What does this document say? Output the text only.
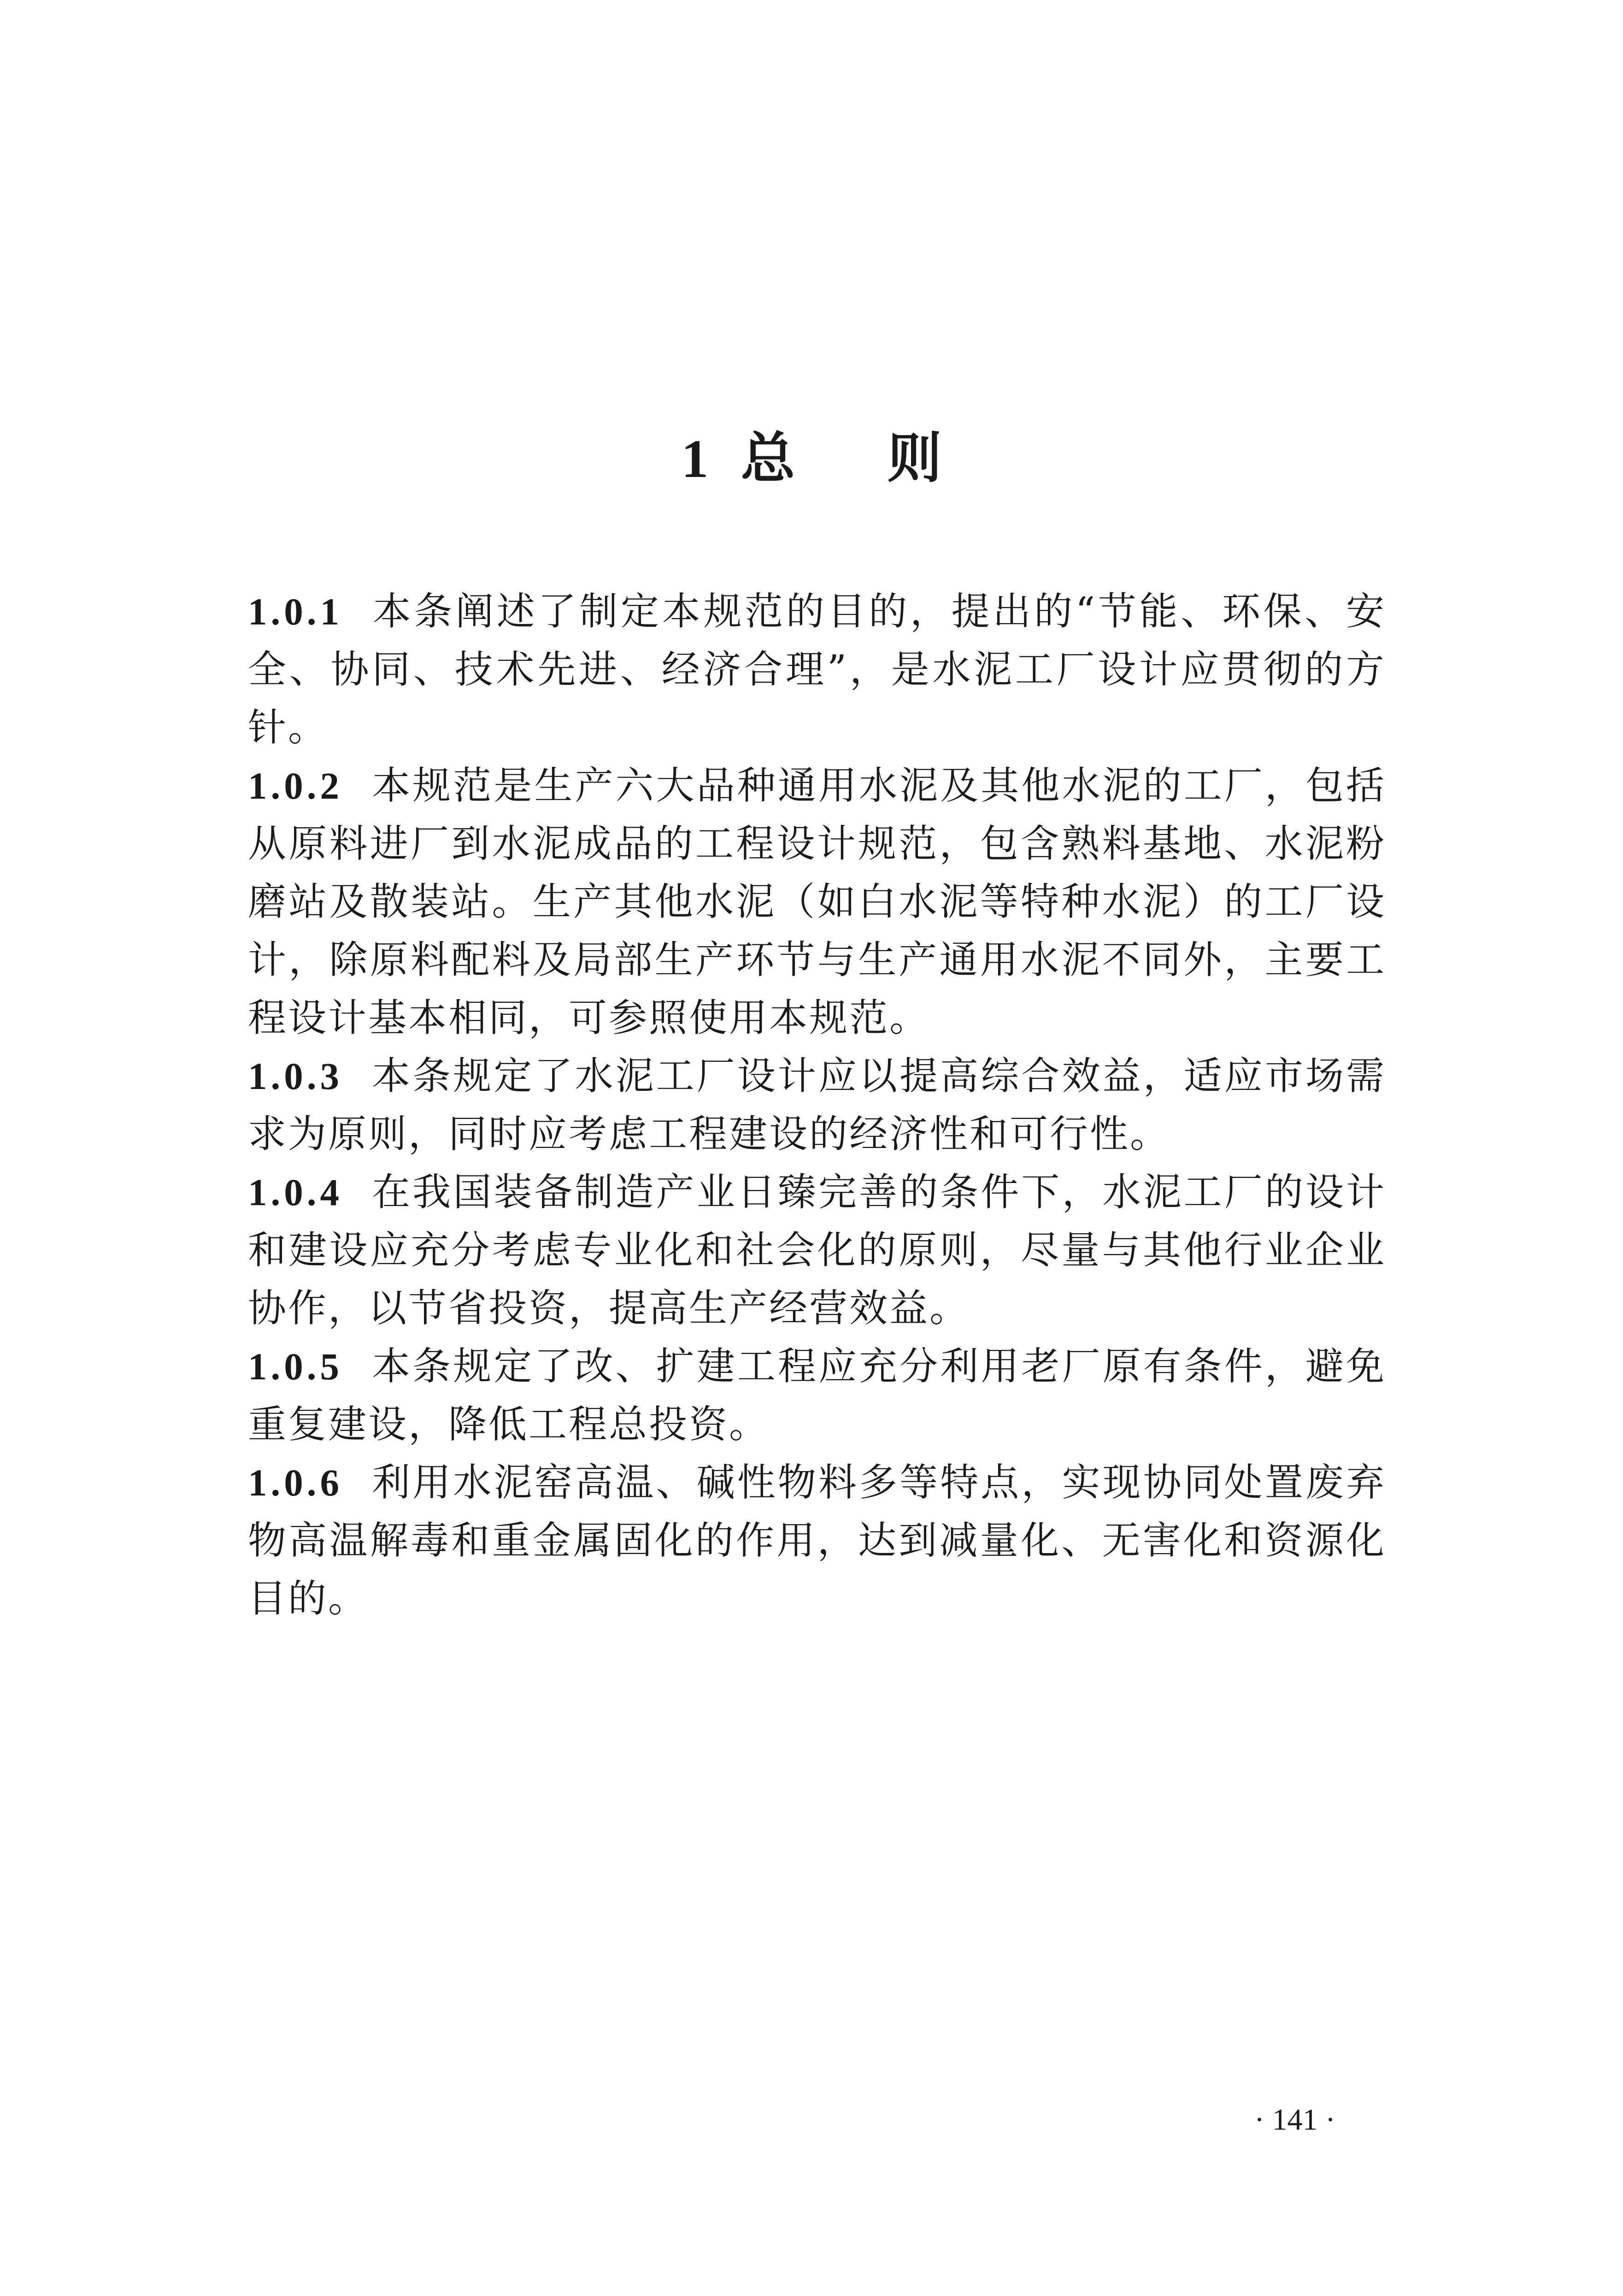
1 总 则

1.0.1 本条阐述了制定本规范的目的，提出的“节能、环保、安全、协同、技术先进、经济合理”，是水泥工厂设计应贯彻的方针。

1.0.2 本规范是生产六大品种通用水泥及其他水泥的工厂，包括从原料进厂到水泥成品的工程设计规范，包含熟料基地、水泥粉磨站及散装站。生产其他水泥（如白水泥等特种水泥）的工厂设计，除原料配料及局部生产环节与生产通用水泥不同外，主要工程设计基本相同，可参照使用本规范。

1.0.3 本条规定了水泥工厂设计应以提高综合效益，适应市场需求为原则，同时应考虑工程建设的经济性和可行性。

1.0.4 在我国装备制造产业日臻完善的条件下，水泥工厂的设计和建设应充分考虑专业化和社会化的原则，尽量与其他行业企业协作，以节省投资，提高生产经营效益。

1.0.5 本条规定了改、扩建工程应充分利用老厂原有条件，避免重复建设，降低工程总投资。

1.0.6 利用水泥窑高温、碱性物料多等特点，实现协同处置废弃物高温解毒和重金属固化的作用，达到减量化、无害化和资源化目的。

· 141 ·
